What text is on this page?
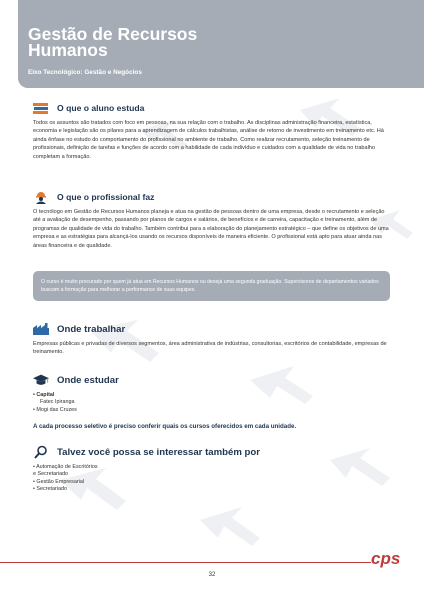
Gestão de Recursos Humanos
Eixo Tecnológico: Gestão e Negócios
O que o aluno estuda

Todos os assuntos são tratados com foco em pessoas, na sua relação com o trabalho. As disciplinas administração financeira, estatística, economia e legislação são os pilares para a aprendizagem de cálculos trabalhistas, análise de retorno de investimento em treinamento etc. Há ainda ênfase no estudo do comportamento do profissional no ambiente de trabalho. Como realizar recrutamento, seleção treinamento de profissionais, definição de tarefas e funções de acordo com a habilidade de cada indivíduo e cuidados com a qualidade de vida no trabalho completam a formação.

O que o profissional faz

O tecnólogo em Gestão de Recursos Humanos planeja e atua na gestão de pessoas dentro de uma empresa, desde o recrutamento e seleção até a avaliação de desempenho, passando por planos de cargos e salários, de benefícios e de carreira, capacitação e treinamento, além de programas de qualidade de vida do trabalho. Também contribui para a elaboração do planejamento estratégico – que define os objetivos de uma empresa e as estratégias para alcançá-los usando os recursos disponíveis de maneira eficiente. O profissional está apto para atuar ainda nas áreas financeira e de qualidade.

O curso é muito procurado por quem já atua em Recursos Humanos ou deseja uma segunda graduação. Supervisores de departamentos variados buscam a formação para melhorar a performance de suas equipes.

Onde trabalhar

Empresas públicas e privadas de diversos segmentos, área administrativa de indústrias, consultorias, escritórios de contabilidade, empresas de treinamento.

Onde estudar
• Capital
Fatec Ipiranga
• Mogi das Cruzes
A cada processo seletivo é preciso conferir quais os cursos oferecidos em cada unidade.
Talvez você possa se interessar também por
• Automação de Escritórios
e Secretariado
• Gestão Empresarial
• Secretariado
32
cps
